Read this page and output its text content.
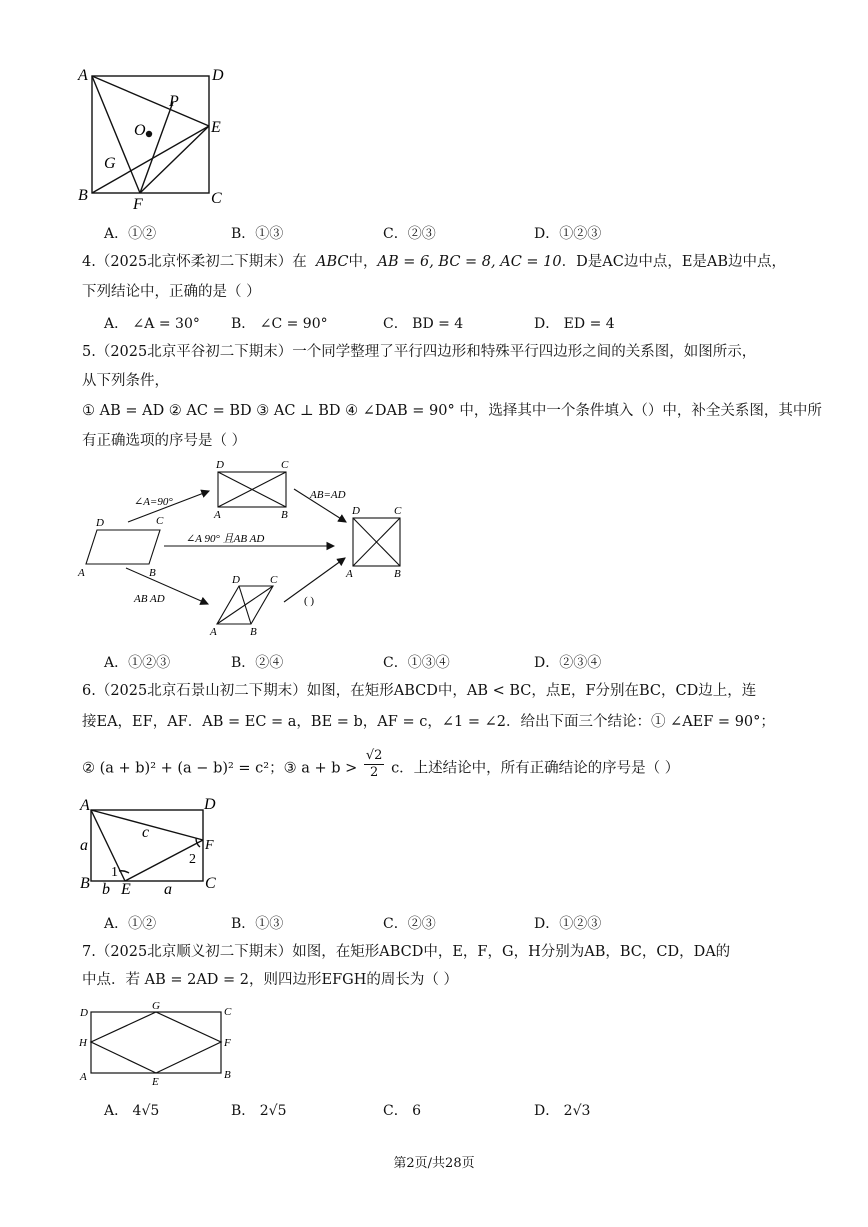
A	D
B	C
O
P
E
G
F
A．①②	B．①③	C．②③	D．①②③
4.（2025北京怀柔初二下期末）在 ABC中，AB = 6, BC = 8, AC = 10．D是AC边中点，E是AB边中点，
下列结论中，正确的是（ ）
A． ∠A = 30° B． ∠C = 90°	C． BD = 4	D． ED = 4
5.（2025北京平谷初二下期末）一个同学整理了平行四边形和特殊平行四边形之间的关系图，如图所示，
从下列条件，
① AB = AD ② AC = BD ③ AC ⊥ BD ④ ∠DAB = 90° 中，选择其中一个条件填入（）中，补全关系图，其中所
有正确选项的序号是（ ）
∠A=90°
∠A 90° 且AB AD
AB AD
AB=AD
( )
A	B
C
D
A	B
C
D
A	B
C
D	A	B
C
D
A．①②③	B．②④	C．①③④	D．②③④
6.（2025北京石景山初二下期末）如图，在矩形ABCD中，AB < BC，点E，F分别在BC，CD边上，连
接EA，EF，AF．AB = EC = a，BE = b，AF = c，∠1 = ∠2．给出下面三个结论：① ∠AEF = 90°；
② (a + b)² + (a − b)² = c²；③ $a + b > \frac{√2}{2}$ c．上述结论中，所有正确结论的序号是（ ）
A	D
a
c
F
2
1
B b E a C
A．①②	B．①③	C．②③	D．①②③
7.（2025北京顺义初二下期末）如图，在矩形ABCD中，E，F，G，H分别为AB，BC，CD，DA的
中点．若 AB = 2AD = 2，则四边形EFGH的周长为（ ）
D
G	C
H	F
A	E
B
A． 4√5	B． 2√5	C． 6	D． 2√3
第2页/共28页
